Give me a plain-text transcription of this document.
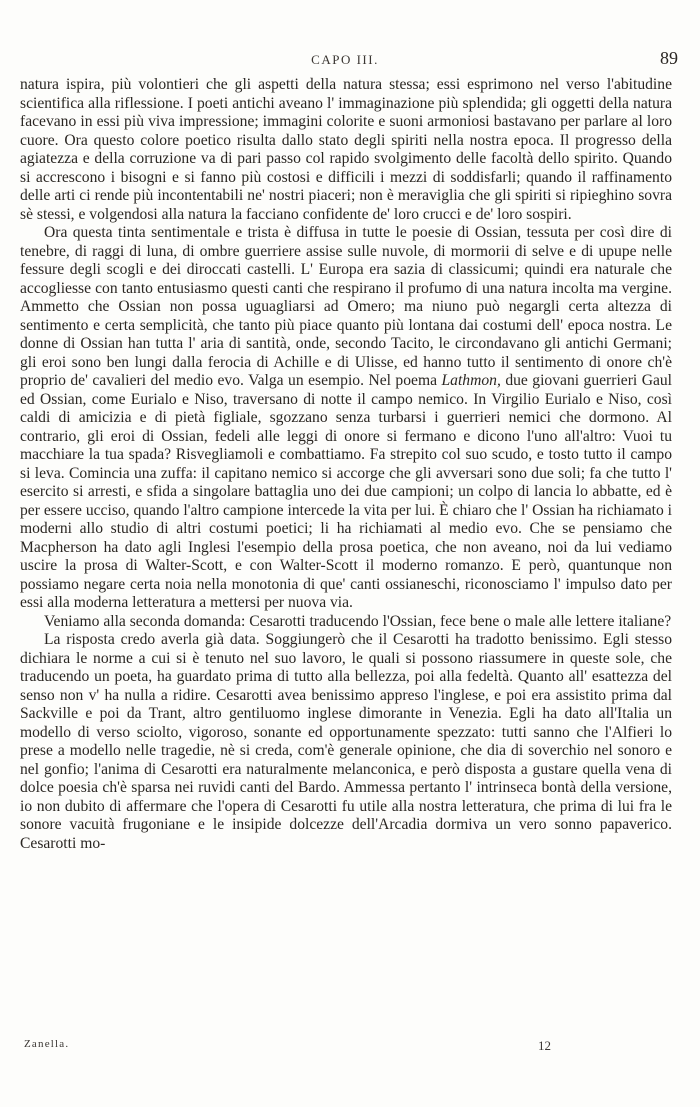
CAPO III.	89

natura ispira, più volontieri che gli aspetti della natura stessa; essi esprimono nel verso l'abitudine scientifica alla riflessione. I poeti antichi aveano l' immaginazione più splendida; gli oggetti della natura facevano in essi più viva impressione; immagini colorite e suoni armoniosi bastavano per parlare al loro cuore. Ora questo colore poetico risulta dallo stato degli spiriti nella nostra epoca. Il progresso della agiatezza e della corruzione va di pari passo col rapido svolgimento delle facoltà dello spirito. Quando si accrescono i bisogni e si fanno più costosi e difficili i mezzi di soddisfarli; quando il raffinamento delle arti ci rende più incontentabili ne' nostri piaceri; non è meraviglia che gli spiriti si ripieghino sovra sè stessi, e volgendosi alla natura la facciano confidente de' loro crucci e de' loro sospiri.

Ora questa tinta sentimentale e trista è diffusa in tutte le poesie di Ossian, tessuta per così dire di tenebre, di raggi di luna, di ombre guerriere assise sulle nuvole, di mormorii di selve e di upupe nelle fessure degli scogli e dei diroccati castelli. L' Europa era sazia di classicumi; quindi era naturale che accogliesse con tanto entusiasmo questi canti che respirano il profumo di una natura incolta ma vergine. Ammetto che Ossian non possa uguagliarsi ad Omero; ma niuno può negargli certa altezza di sentimento e certa semplicità, che tanto più piace quanto più lontana dai costumi dell' epoca nostra. Le donne di Ossian han tutta l' aria di santità, onde, secondo Tacito, le circondavano gli antichi Germani; gli eroi sono ben lungi dalla ferocia di Achille e di Ulisse, ed hanno tutto il sentimento di onore ch'è proprio de' cavalieri del medio evo. Valga un esempio. Nel poema Lathmon, due giovani guerrieri Gaul ed Ossian, come Eurialo e Niso, traversano di notte il campo nemico. In Virgilio Eurialo e Niso, così caldi di amicizia e di pietà figliale, sgozzano senza turbarsi i guerrieri nemici che dormono. Al contrario, gli eroi di Ossian, fedeli alle leggi di onore si fermano e dicono l'uno all'altro: Vuoi tu macchiare la tua spada? Risvegliamoli e combattiamo. Fa strepito col suo scudo, e tosto tutto il campo si leva. Comincia una zuffa: il capitano nemico si accorge che gli avversari sono due soli; fa che tutto l' esercito si arresti, e sfida a singolare battaglia uno dei due campioni; un colpo di lancia lo abbatte, ed è per essere ucciso, quando l'altro campione intercede la vita per lui. È chiaro che l' Ossian ha richiamato i moderni allo studio di altri costumi poetici; li ha richiamati al medio evo. Che se pensiamo che Macpherson ha dato agli Inglesi l'esempio della prosa poetica, che non aveano, noi da lui vediamo uscire la prosa di Walter-Scott, e con Walter-Scott il moderno romanzo. E però, quantunque non possiamo negare certa noia nella monotonia di que' canti ossianeschi, riconosciamo l' impulso dato per essi alla moderna letteratura a mettersi per nuova via.

Veniamo alla seconda domanda: Cesarotti traducendo l'Ossian, fece bene o male alle lettere italiane?

La risposta credo averla già data. Soggiungerò che il Cesarotti ha tradotto benissimo. Egli stesso dichiara le norme a cui si è tenuto nel suo lavoro, le quali si possono riassumere in queste sole, che traducendo un poeta, ha guardato prima di tutto alla bellezza, poi alla fedeltà. Quanto all' esattezza del senso non v' ha nulla a ridire. Cesarotti avea benissimo appreso l'inglese, e poi era assistito prima dal Sackville e poi da Trant, altro gentiluomo inglese dimorante in Venezia. Egli ha dato all'Italia un modello di verso sciolto, vigoroso, sonante ed opportunamente spezzato: tutti sanno che l'Alfieri lo prese a modello nelle tragedie, nè si creda, com'è generale opinione, che dia di soverchio nel sonoro e nel gonfio; l'anima di Cesarotti era naturalmente melanconica, e però disposta a gustare quella vena di dolce poesia ch'è sparsa nei ruvidi canti del Bardo. Ammessa pertanto l' intrinseca bontà della versione, io non dubito di affermare che l'opera di Cesarotti fu utile alla nostra letteratura, che prima di lui fra le sonore vacuità frugoniane e le insipide dolcezze dell'Arcadia dormiva un vero sonno papaverico. Cesarotti mo-

Zanella.	12
